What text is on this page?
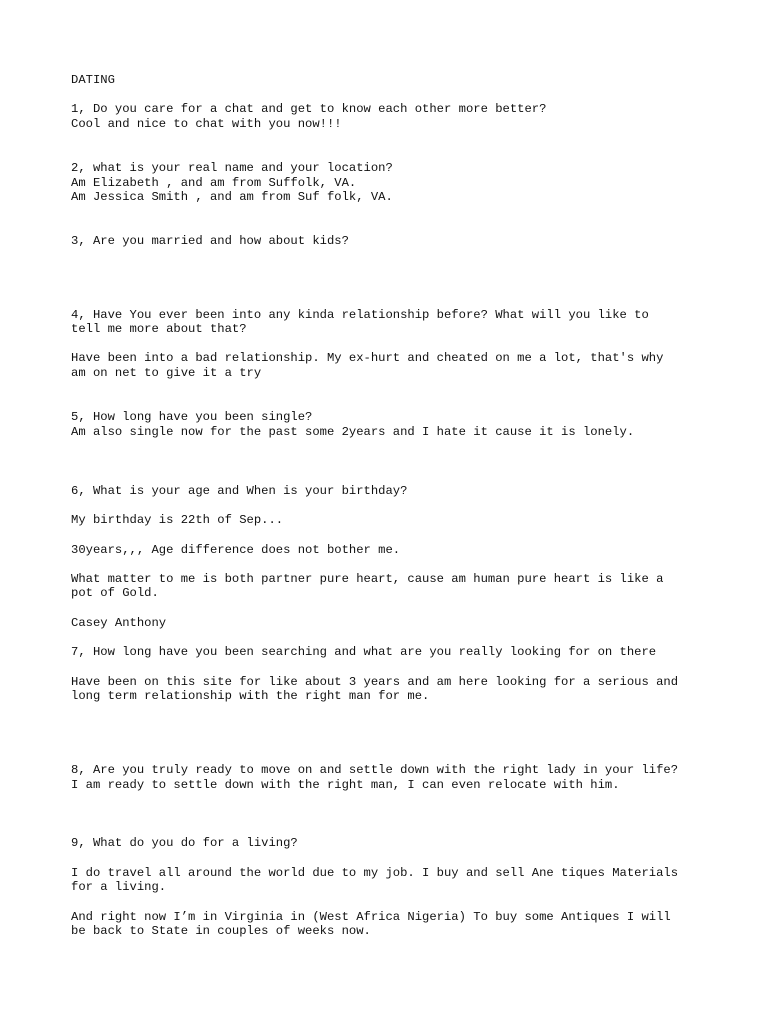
DATING

1, Do you care for a chat and get to know each other more better?

Cool and nice to chat with you now!!!

2, what is your real name and your location?

Am Elizabeth , and am from Suffolk, VA.

Am Jessica Smith , and am from Suf folk, VA.

3, Are you married and how about kids?

4, Have You ever been into any kinda relationship before? What will you like to

tell me more about that?

Have been into a bad relationship. My ex-hurt and cheated on me a lot, that's why

am on net to give it a try

5, How long have you been single?

Am also single now for the past some 2years and I hate it cause it is lonely.

6, What is your age and When is your birthday?

My birthday is 22th of Sep...

30years,,, Age difference does not bother me.

What matter to me is both partner pure heart, cause am human pure heart is like a

pot of Gold.

Casey Anthony

7, How long have you been searching and what are you really looking for on there

Have been on this site for like about 3 years and am here looking for a serious and

long term relationship with the right man for me.

8, Are you truly ready to move on and settle down with the right lady in your life?

I am ready to settle down with the right man, I can even relocate with him.

9, What do you do for a living?

I do travel all around the world due to my job. I buy and sell Ane tiques Materials

for a living.

And right now I’m in Virginia in (West Africa Nigeria) To buy some Antiques I will

be back to State in couples of weeks now.
